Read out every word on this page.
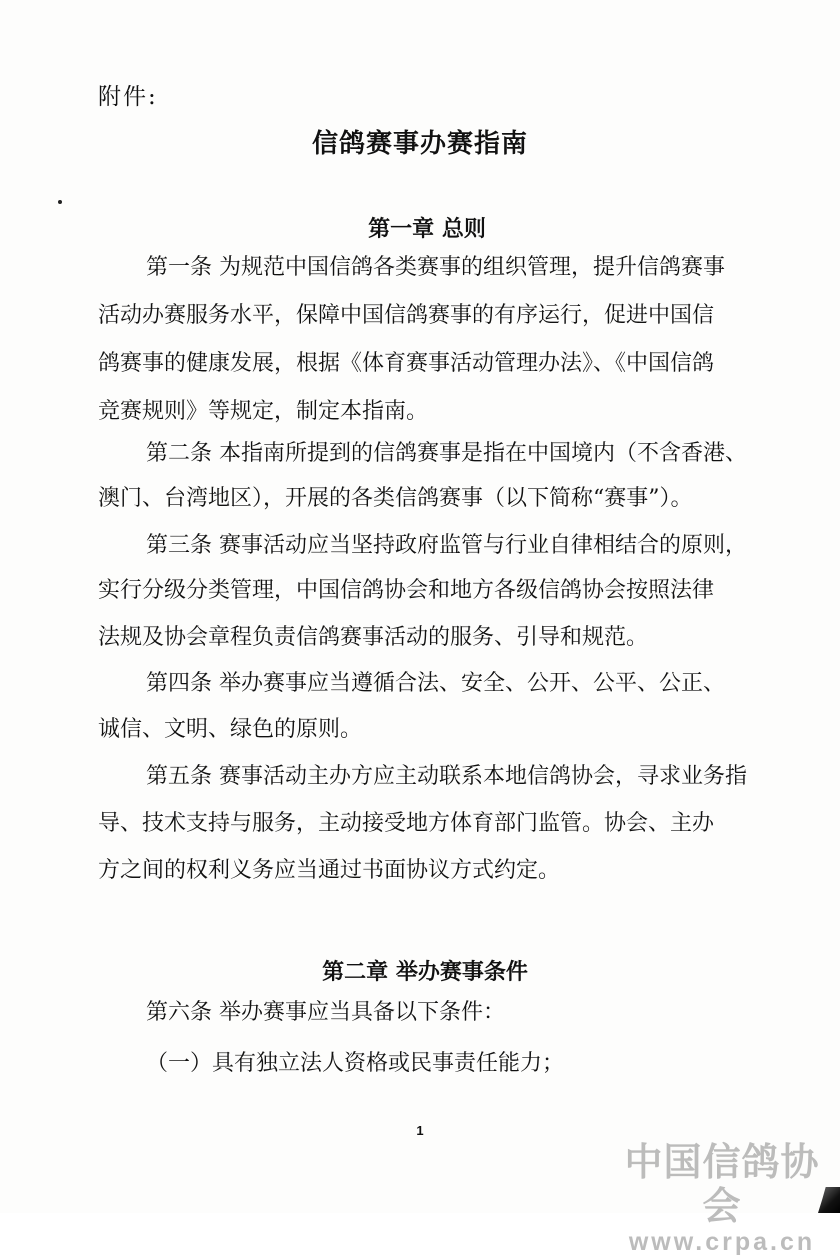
附件:
信鸽赛事办赛指南
第一章 总则
第一条 为规范中国信鸽各类赛事的组织管理，提升信鸽赛事
活动办赛服务水平，保障中国信鸽赛事的有序运行，促进中国信
鸽赛事的健康发展，根据《体育赛事活动管理办法》、《中国信鸽
竞赛规则》等规定，制定本指南。
第二条 本指南所提到的信鸽赛事是指在中国境内（不含香港、
澳门、台湾地区），开展的各类信鸽赛事（以下简称“赛事”）。
第三条 赛事活动应当坚持政府监管与行业自律相结合的原则，
实行分级分类管理，中国信鸽协会和地方各级信鸽协会按照法律
法规及协会章程负责信鸽赛事活动的服务、引导和规范。
第四条 举办赛事应当遵循合法、安全、公开、公平、公正、
诚信、文明、绿色的原则。
第五条 赛事活动主办方应主动联系本地信鸽协会，寻求业务指
导、技术支持与服务，主动接受地方体育部门监管。协会、主办
方之间的权利义务应当通过书面协议方式约定。
第二章 举办赛事条件
第六条 举办赛事应当具备以下条件：
（一）具有独立法人资格或民事责任能力；
1
中国信鸽协会
www.crpa.cn
